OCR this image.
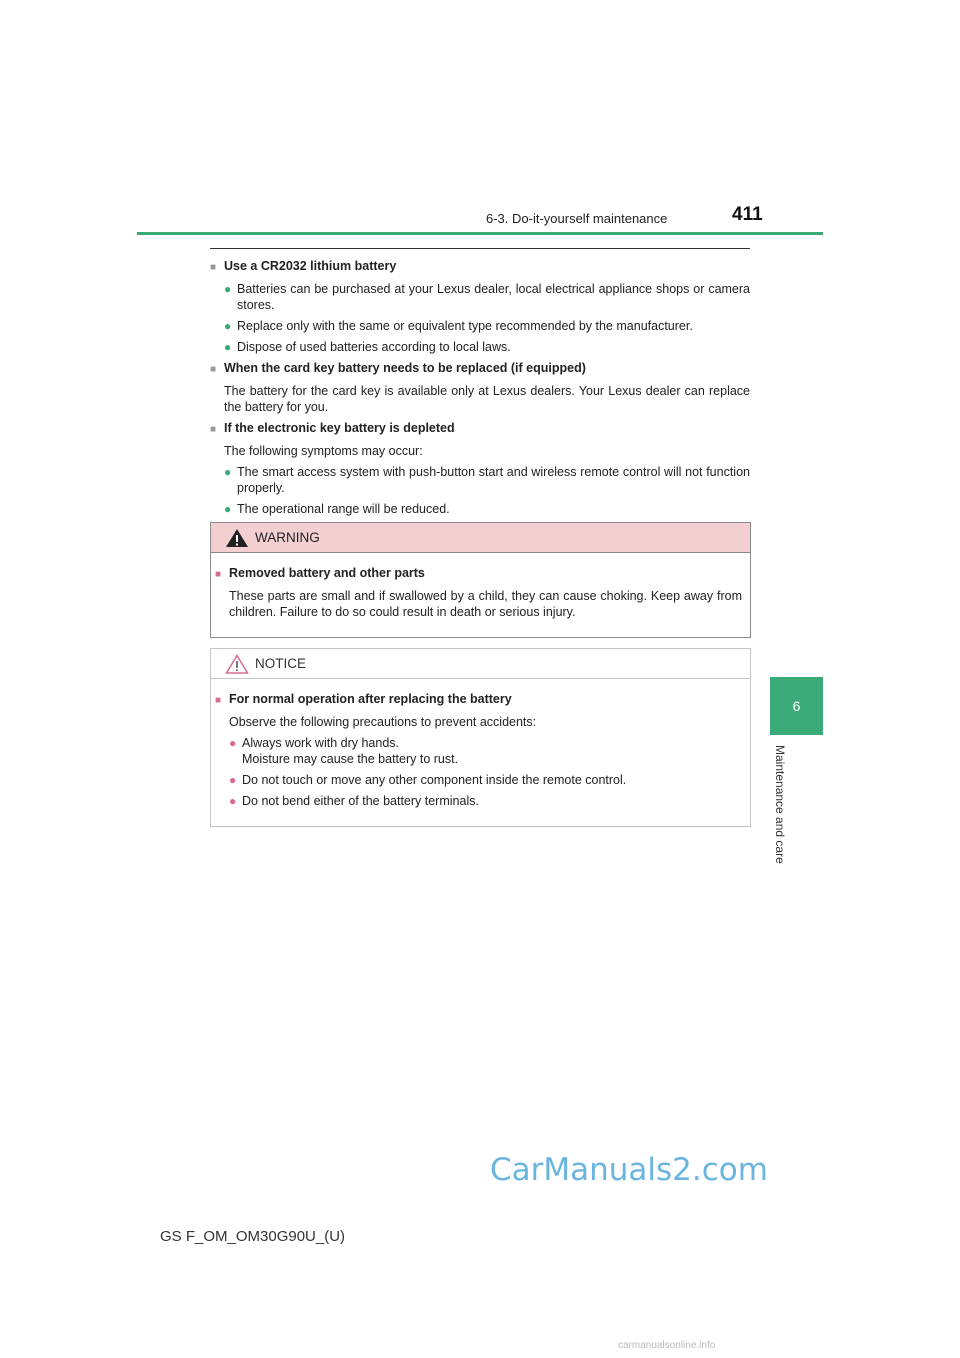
6-3. Do-it-yourself maintenance	411
6
Maintenance and care
■ Use a CR2032 lithium battery
● Batteries can be purchased at your Lexus dealer, local electrical appliance shops or camera stores.
● Replace only with the same or equivalent type recommended by the manufacturer.
● Dispose of used batteries according to local laws.
■ When the card key battery needs to be replaced (if equipped)
The battery for the card key is available only at Lexus dealers. Your Lexus dealer can replace the battery for you.
■ If the electronic key battery is depleted
The following symptoms may occur:
● The smart access system with push-button start and wireless remote control will not function properly.
● The operational range will be reduced.
WARNING
■ Removed battery and other parts
These parts are small and if swallowed by a child, they can cause choking. Keep away from children. Failure to do so could result in death or serious injury.
NOTICE
■ For normal operation after replacing the battery
Observe the following precautions to prevent accidents:
● Always work with dry hands.
Moisture may cause the battery to rust.
● Do not touch or move any other component inside the remote control.
● Do not bend either of the battery terminals.
CarManuals2.com
GS F_OM_OM30G90U_(U)
carmanualsonline.info
